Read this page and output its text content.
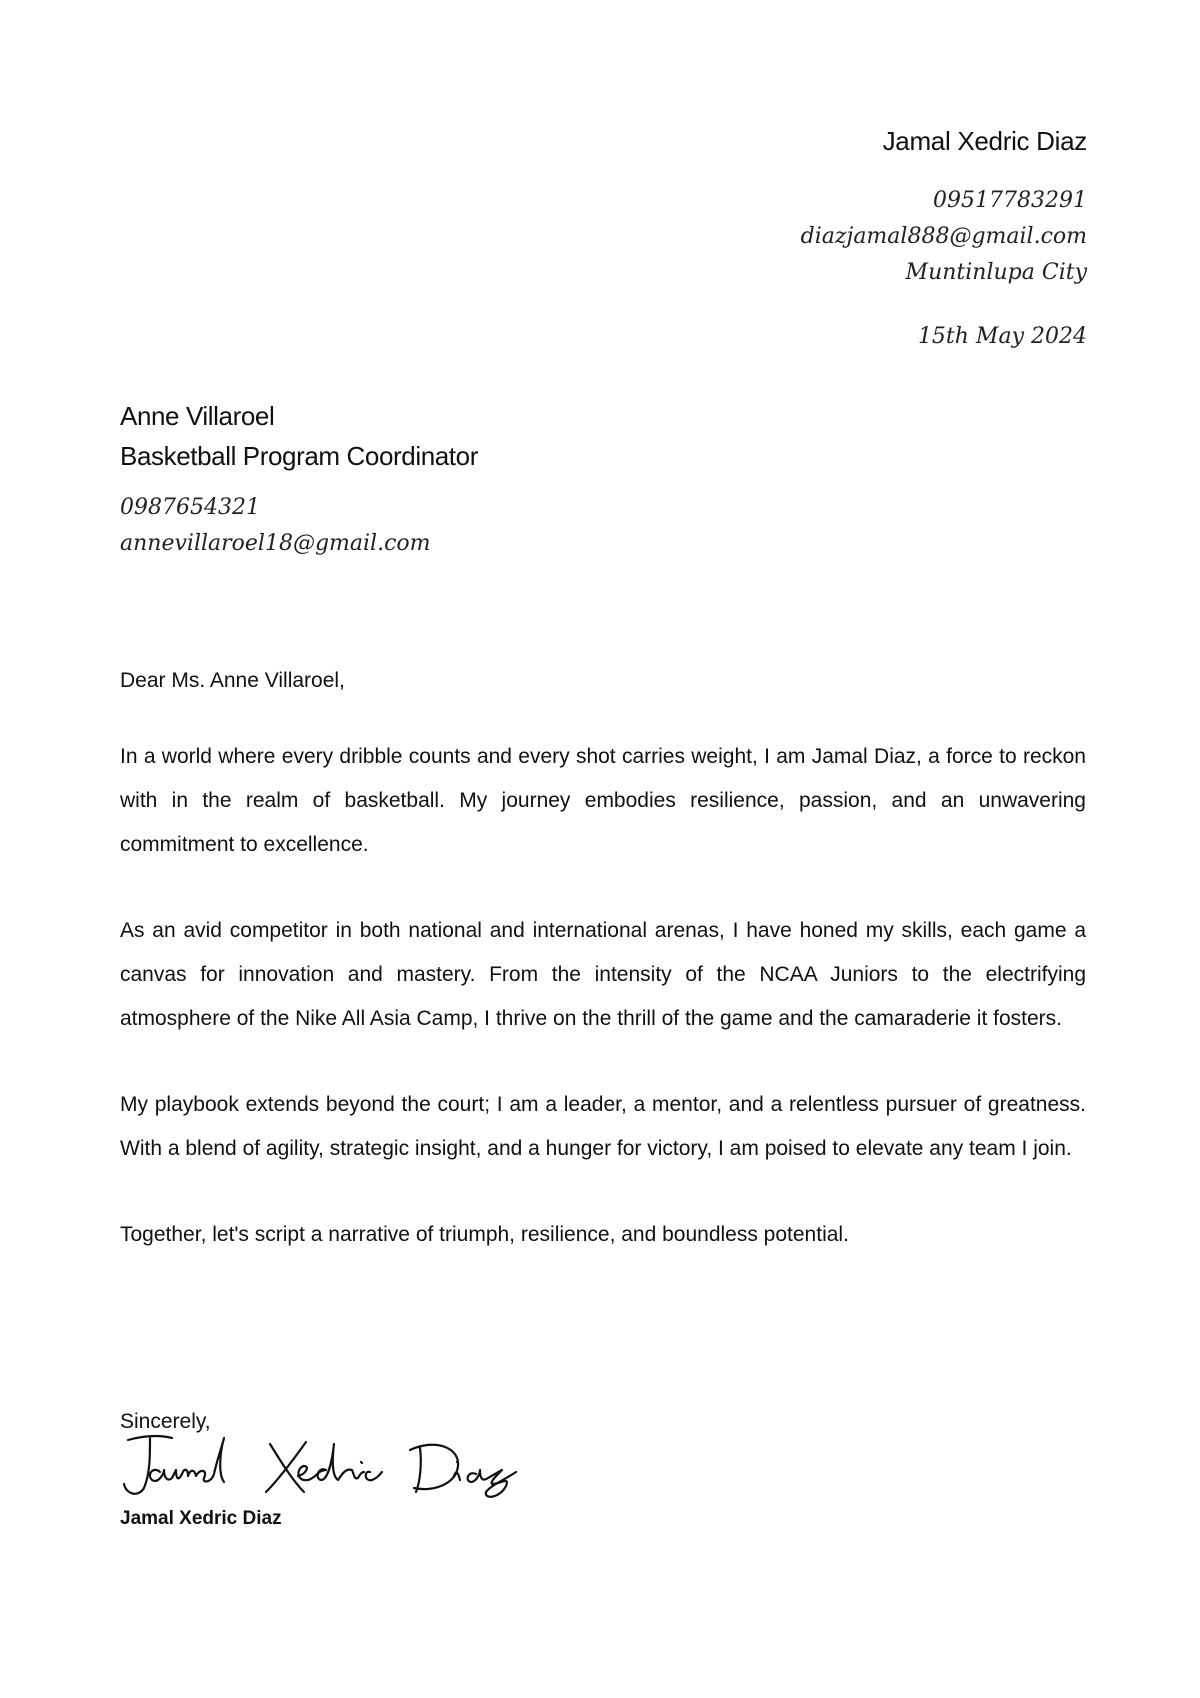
Jamal Xedric Diaz
09517783291
diazjamal888@gmail.com
Muntinlupa City
15th May 2024
Anne Villaroel
Basketball Program Coordinator
0987654321
annevillaroel18@gmail.com
Dear Ms. Anne Villaroel,

In a world where every dribble counts and every shot carries weight, I am Jamal Diaz, a force to reckon with in the realm of basketball. My journey embodies resilience, passion, and an unwavering commitment to excellence.

As an avid competitor in both national and international arenas, I have honed my skills, each game a canvas for innovation and mastery. From the intensity of the NCAA Juniors to the electrifying atmosphere of the Nike All Asia Camp, I thrive on the thrill of the game and the camaraderie it fosters.

My playbook extends beyond the court; I am a leader, a mentor, and a relentless pursuer of greatness. With a blend of agility, strategic insight, and a hunger for victory, I am poised to elevate any team I join.

Together, let's script a narrative of triumph, resilience, and boundless potential.

Sincerely,
Jamal Xedric Diaz
